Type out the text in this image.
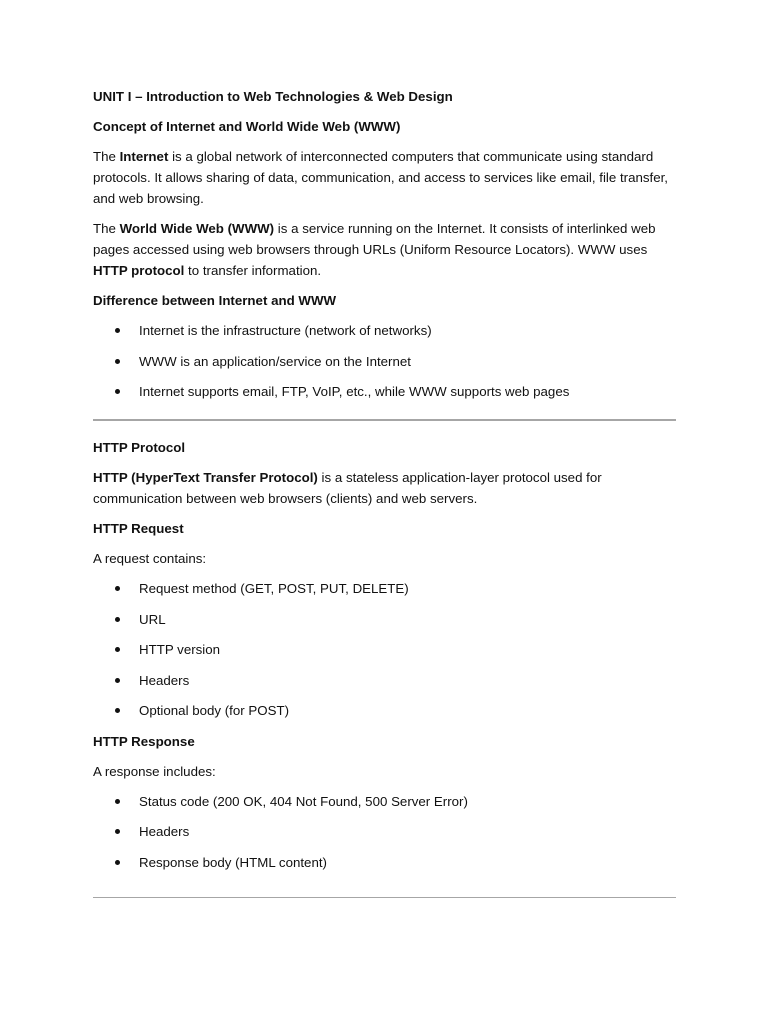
UNIT I – Introduction to Web Technologies & Web Design
Concept of Internet and World Wide Web (WWW)
The Internet is a global network of interconnected computers that communicate using standard protocols. It allows sharing of data, communication, and access to services like email, file transfer, and web browsing.
The World Wide Web (WWW) is a service running on the Internet. It consists of interlinked web pages accessed using web browsers through URLs (Uniform Resource Locators). WWW uses HTTP protocol to transfer information.
Difference between Internet and WWW
Internet is the infrastructure (network of networks)
WWW is an application/service on the Internet
Internet supports email, FTP, VoIP, etc., while WWW supports web pages
HTTP Protocol
HTTP (HyperText Transfer Protocol) is a stateless application-layer protocol used for communication between web browsers (clients) and web servers.
HTTP Request
A request contains:
Request method (GET, POST, PUT, DELETE)
URL
HTTP version
Headers
Optional body (for POST)
HTTP Response
A response includes:
Status code (200 OK, 404 Not Found, 500 Server Error)
Headers
Response body (HTML content)
